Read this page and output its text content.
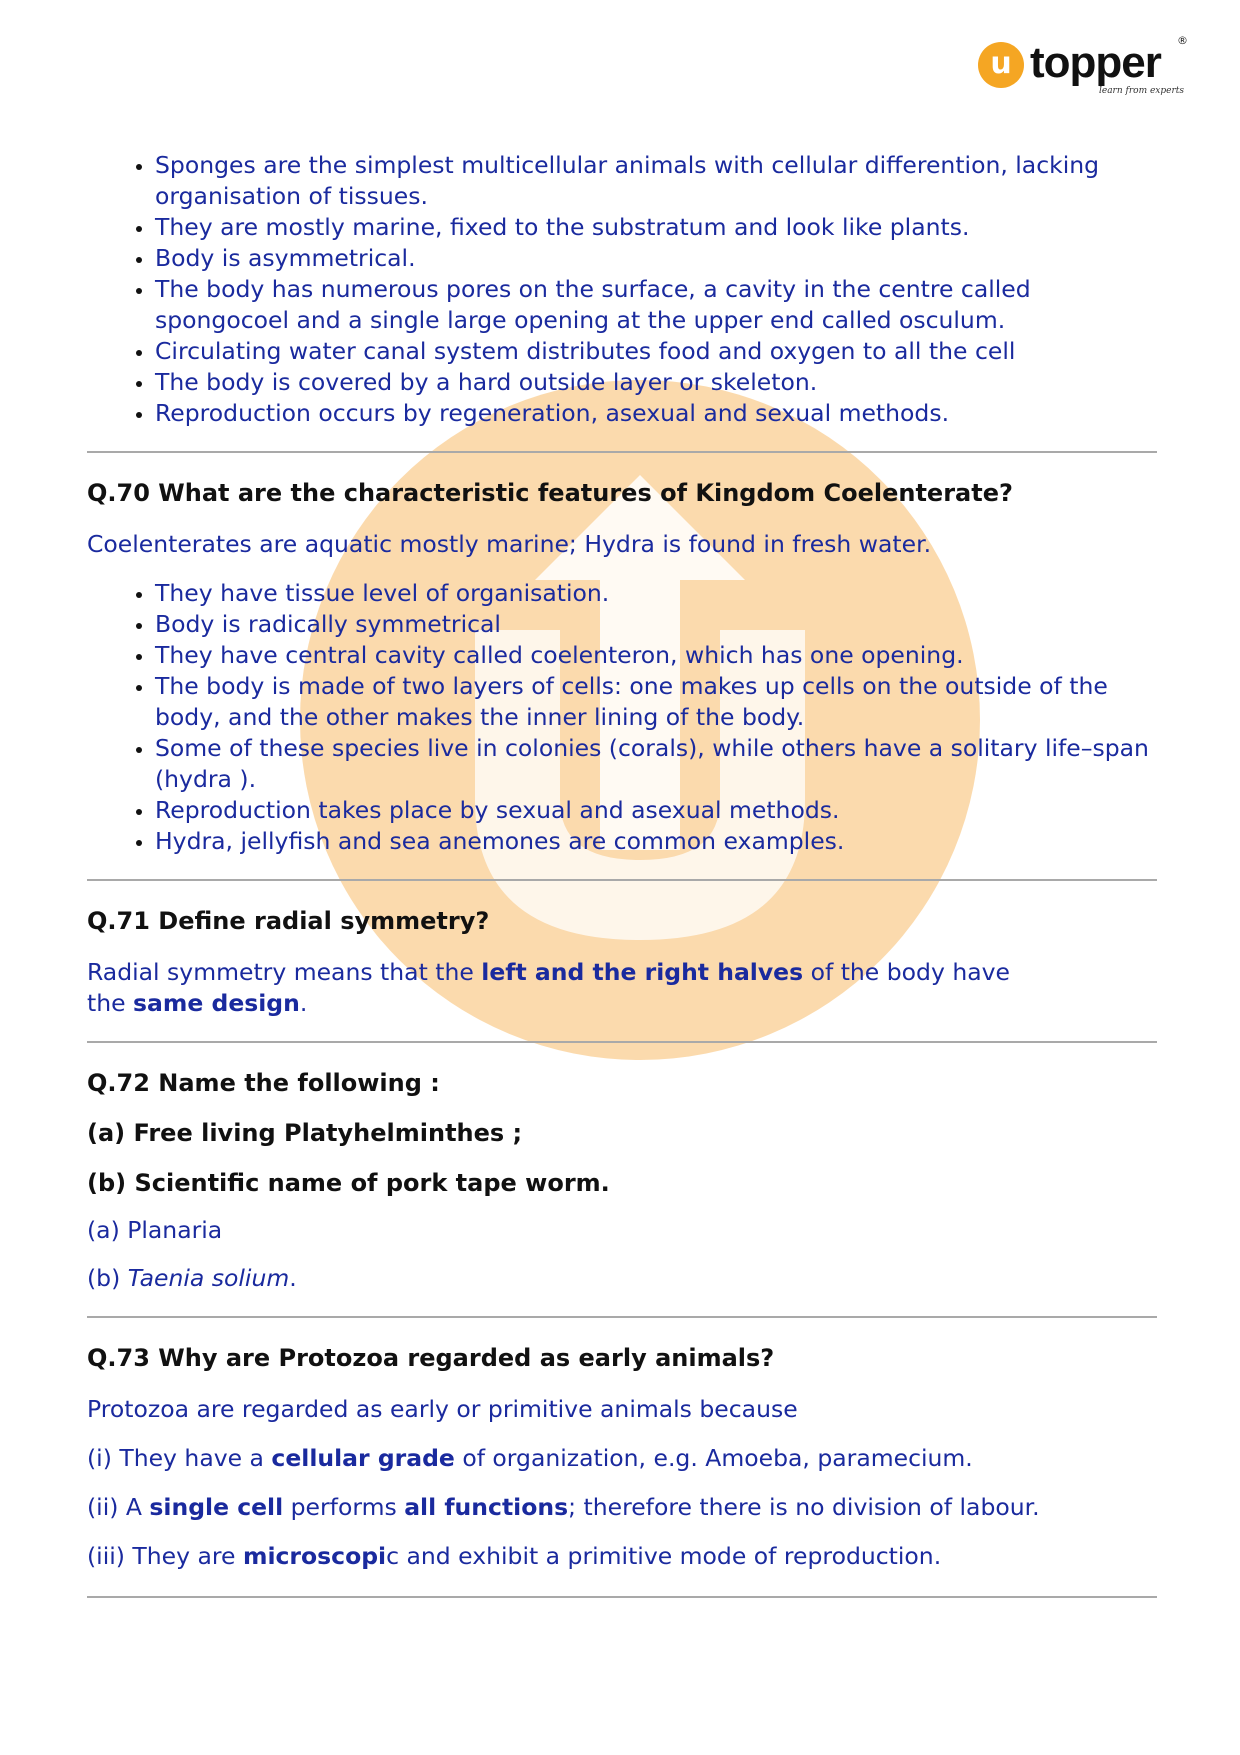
u topper ®
learn from experts
• Sponges are the simplest multicellular animals with cellular differention, lacking organisation of tissues.
• They are mostly marine, fixed to the substratum and look like plants.
• Body is asymmetrical.
• The body has numerous pores on the surface, a cavity in the centre called spongocoel and a single large opening at the upper end called osculum.
• Circulating water canal system distributes food and oxygen to all the cell
• The body is covered by a hard outside layer or skeleton.
• Reproduction occurs by regeneration, asexual and sexual methods.

Q.70 What are the characteristic features of Kingdom Coelenterate?

Coelenterates are aquatic mostly marine; Hydra is found in fresh water.

• They have tissue level of organisation.
• Body is radically symmetrical
• They have central cavity called coelenteron, which has one opening.
• The body is made of two layers of cells: one makes up cells on the outside of the body, and the other makes the inner lining of the body.
• Some of these species live in colonies (corals), while others have a solitary life–span (hydra ).
• Reproduction takes place by sexual and asexual methods.
• Hydra, jellyfish and sea anemones are common examples.

Q.71 Define radial symmetry?

Radial symmetry means that the left and the right halves of the body have
the same design.

Q.72 Name the following :

(a) Free living Platyhelminthes ;

(b) Scientific name of pork tape worm.

(a) Planaria

(b) Taenia solium.

Q.73 Why are Protozoa regarded as early animals?

Protozoa are regarded as early or primitive animals because

(i) They have a cellular grade of organization, e.g. Amoeba, paramecium.

(ii) A single cell performs all functions; therefore there is no division of labour.

(iii) They are microscopic and exhibit a primitive mode of reproduction.
